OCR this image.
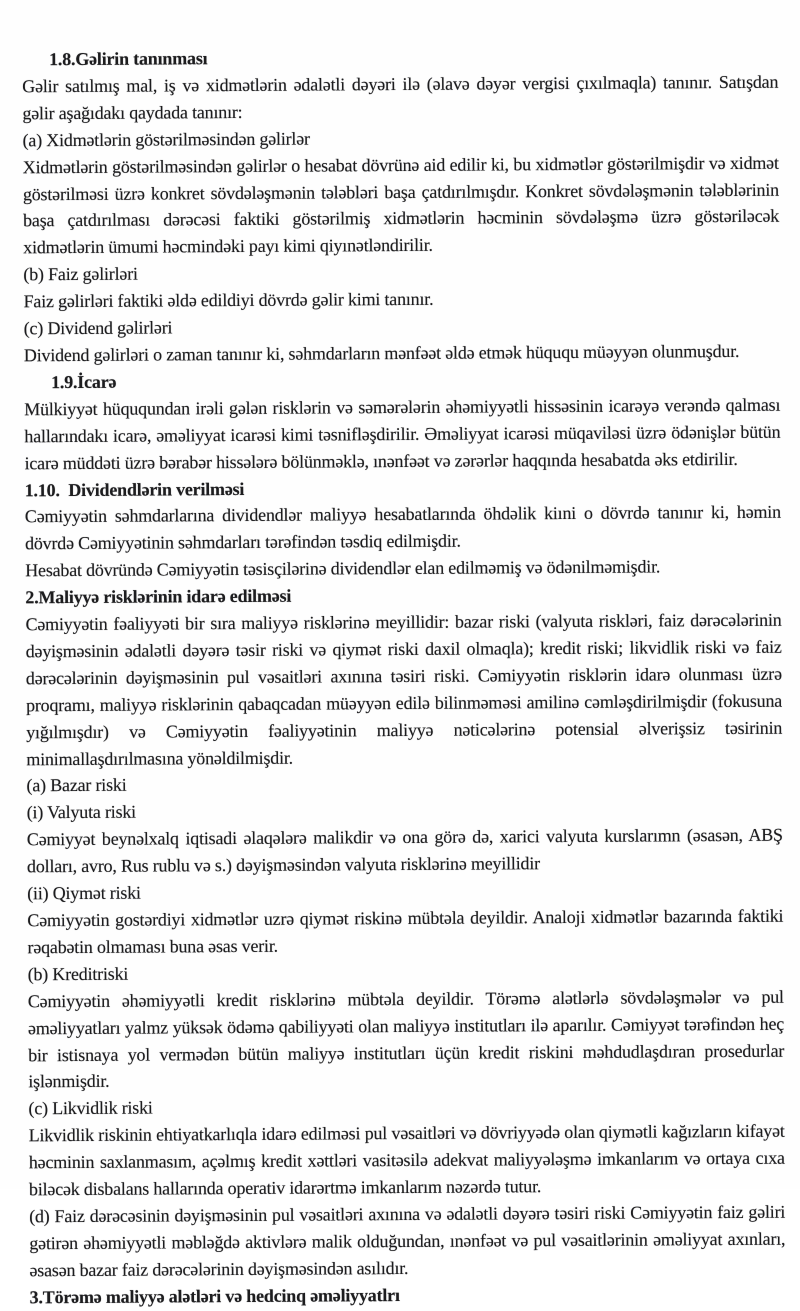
1.8.Gəlirin tanınması
Gəlir satılmış mal, iş və xidmətlərin ədalətli dəyəri ilə (əlavə dəyər vergisi çıxılmaqla) tanınır. Satışdan gəlir aşağıdakı qaydada tanınır:
(a) Xidmətlərin göstərilməsindən gəlirlər
Xidmətlərin göstərilməsindən gəlirlər o hesabat dövrünə aid edilir ki, bu xidmətlər göstərilmişdir və xidmət göstərilməsi üzrə konkret sövdələşmənin tələbləri başa çatdırılmışdır. Konkret sövdələşmənin tələblərinin başa çatdırılması dərəcəsi faktiki göstərilmiş xidmətlərin həcminin sövdələşmə üzrə göstəriləcək xidmətlərin ümumi həcmindəki payı kimi qiyınətləndirilir.
(b) Faiz gəlirləri
Faiz gəlirləri faktiki əldə edildiyi dövrdə gəlir kimi tanınır.
(c) Dividend gəlirləri
Dividend gəlirləri o zaman tanınır ki, səhmdarların mənfəət əldə etmək hüququ müəyyən olunmuşdur.
1.9.İcarə
Mülkiyyət hüququndan irəli gələn risklərin və səmərələrin əhəmiyyətli hissəsinin icarəyə verəndə qalması hallarındakı icarə, əməliyyat icarəsi kimi təsnifləşdirilir. Əməliyyat icarəsi müqaviləsi üzrə ödənişlər bütün icarə müddəti üzrə bərabər hissələrə bölünməklə, ınənfəət və zərərlər haqqında hesabatda əks etdirilir.
1.10.  Dividendlərin verilməsi
Cəmiyyətin səhmdarlarına dividendlər maliyyə hesabatlarında öhdəlik kiıni o dövrdə tanınır ki, həmin dövrdə Cəmiyyətinin səhmdarları tərəfindən təsdiq edilmişdir.
Hesabat dövründə Cəmiyyətin təsisçilərinə dividendlər elan edilməmiş və ödənilməmişdir.
2.Maliyyə risklərinin idarə edilməsi
Cəmiyyətin fəaliyyəti bir sıra maliyyə risklərinə meyillidir: bazar riski (valyuta riskləri, faiz dərəcələrinin dəyişməsinin ədalətli dəyərə təsir riski və qiymət riski daxil olmaqla); kredit riski; likvidlik riski və faiz dərəcələrinin dəyişməsinin pul vəsaitləri axınına təsiri riski. Cəmiyyətin risklərin idarə olunması üzrə proqramı, maliyyə risklərinin qabaqcadan müəyyən edilə bilinməməsi amilinə cəmləşdirilmişdir (fokusuna yığılmışdır) və Cəmiyyətin fəaliyyətinin maliyyə nəticələrinə potensial əlverişsiz təsirinin minimallaşdırılmasına yönəldilmişdir.
(a) Bazar riski
(i) Valyuta riski
Cəmiyyət beynəlxalq iqtisadi əlaqələrə malikdir və ona görə də, xarici valyuta kurslarımn (əsasən, ABŞ dolları, avro, Rus rublu və s.) dəyişməsindən valyuta risklərinə meyillidir
(ii) Qiymət riski
Cəmiyyətin gostərdiyi xidmətlər uzrə qiymət riskinə mübtəla deyildir. Analoji xidmətlər bazarında faktiki rəqabətin olmaması buna əsas verir.
(b) Kreditriski
Cəmiyyətin əhəmiyyətli kredit risklərinə mübtəla deyildir. Törəmə alətlərlə sövdələşmələr və pul əməliyyatları yalmz yüksək ödəmə qabiliyyəti olan maliyyə institutları ilə aparılır. Cəmiyyət tərəfindən heç bir istisnaya yol vermədən bütün maliyyə institutları üçün kredit riskini məhdudlaşdıran prosedurlar işlənmişdir.
(c) Likvidlik riski
Likvidlik riskinin ehtiyatkarlıqla idarə edilməsi pul vəsaitləri və dövriyyədə olan qiymətli kağızların kifayət həcminin saxlanmasım, açəlmış kredit xəttləri vasitəsilə adekvat maliyyələşmə imkanlarım və ortaya cıxa biləcək disbalans hallarında operativ idarərtmə imkanlarım nəzərdə tutur.
(d) Faiz dərəcəsinin dəyişməsinin pul vəsaitləri axınına və ədalətli dəyərə təsiri riski Cəmiyyətin faiz gəliri gətirən əhəmiyyətli məbləğdə aktivlərə malik olduğundan, ınənfəət və pul vəsaitlərinin əməliyyat axınları, əsasən bazar faiz dərəcələrinin dəyişməsindən asılıdır.
3.Törəmə maliyyə alətləri və hedcinq əməliyyatlrı
